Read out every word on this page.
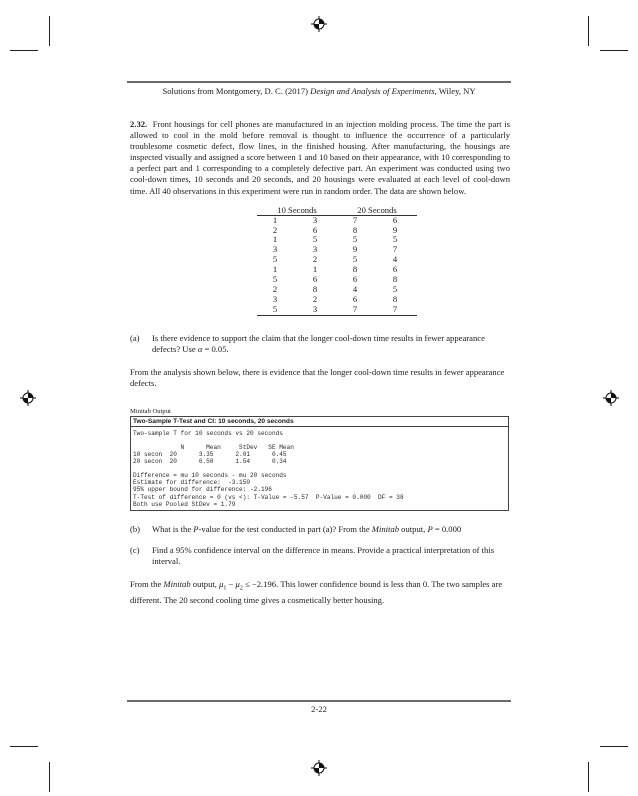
Solutions from Montgomery, D. C. (2017) Design and Analysis of Experiments, Wiley, NY

2.32. Front housings for cell phones are manufactured in an injection molding process. The time the part is allowed to cool in the mold before removal is thought to influence the occurrence of a particularly troublesome cosmetic defect, flow lines, in the finished housing. After manufacturing, the housings are inspected visually and assigned a score between 1 and 10 based on their appearance, with 10 corresponding to a perfect part and 1 corresponding to a completely defective part. An experiment was conducted using two cool-down times, 10 seconds and 20 seconds, and 20 housings were evaluated at each level of cool-down time. All 40 observations in this experiment were run in random order. The data are shown below.

10 Seconds		20 Seconds	
1	3	7	6
2	6	8	9
1	5	5	5
3	3	9	7
5	2	5	4
1	1	8	6
5	6	6	8
2	8	4	5
3	2	6	8
5	3	7	7
(a)	Is there evidence to support the claim that the longer cool-down time results in fewer appearance defects? Use α = 0.05.

From the analysis shown below, there is evidence that the longer cool-down time results in fewer appearance defects.

Minitab Output
Two-Sample T-Test and CI: 10 seconds, 20 seconds
Two-sample T for 10 seconds vs 20 seconds

N      Mean     StDev   SE Mean
10 secon  20      3.35      2.01      0.45
20 secon  20      6.50      1.54      0.34

Difference = mu 10 seconds - mu 20 seconds
Estimate for difference:  -3.150
95% upper bound for difference: -2.196
T-Test of difference = 0 (vs <): T-Value = -5.57  P-Value = 0.000  DF = 38
Both use Pooled StDev = 1.79
(b)	What is the P-value for the test conducted in part (a)? From the Minitab output, P = 0.000
(c)	Find a 95% confidence interval on the difference in means. Provide a practical interpretation of this interval.

From the Minitab output, $\mu_1 - \mu_2 \le -2.196$. This lower confidence bound is less than 0. The two samples are different. The 20 second cooling time gives a cosmetically better housing.

2-22
